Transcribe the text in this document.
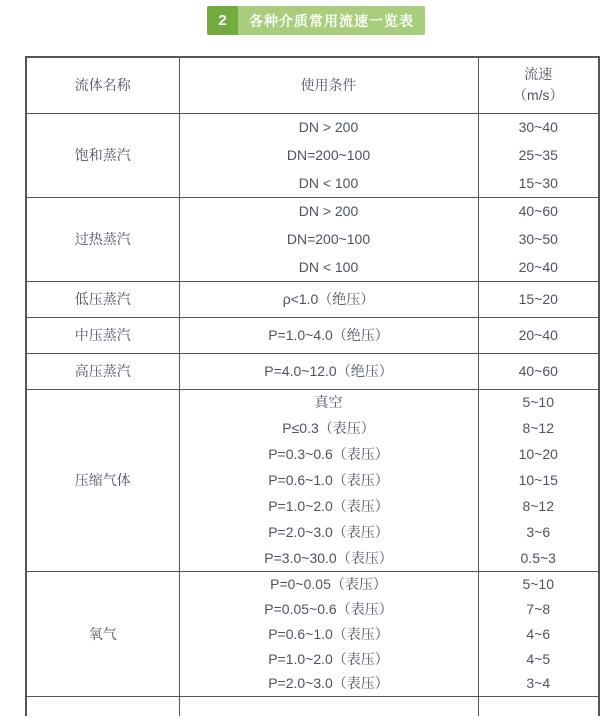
2	各种介质常用流速一览表
流体名称	使用条件	流速
（m/s）

饱和蒸汽	DN > 200	30~40
	DN=200~100	25~35
	DN < 100	15~30
过热蒸汽	DN > 200	40~60
	DN=200~100	30~50
	DN < 100	20~40
低压蒸汽	ρ<1.0（绝压）	15~20
中压蒸汽	P=1.0~4.0（绝压）	20~40
高压蒸汽	P=4.0~12.0（绝压）	40~60
压缩气体	真空	5~10
	P≤0.3（表压）	8~12
	P=0.3~0.6（表压）	10~20
	P=0.6~1.0（表压）	10~15
	P=1.0~2.0（表压）	8~12
	P=2.0~3.0（表压）	3~6
	P=3.0~30.0（表压）	0.5~3
氧气	P=0~0.05（表压）	5~10
	P=0.05~0.6（表压）	7~8
	P=0.6~1.0（表压）	4~6
	P=1.0~2.0（表压）	4~5
	P=2.0~3.0（表压）	3~4
